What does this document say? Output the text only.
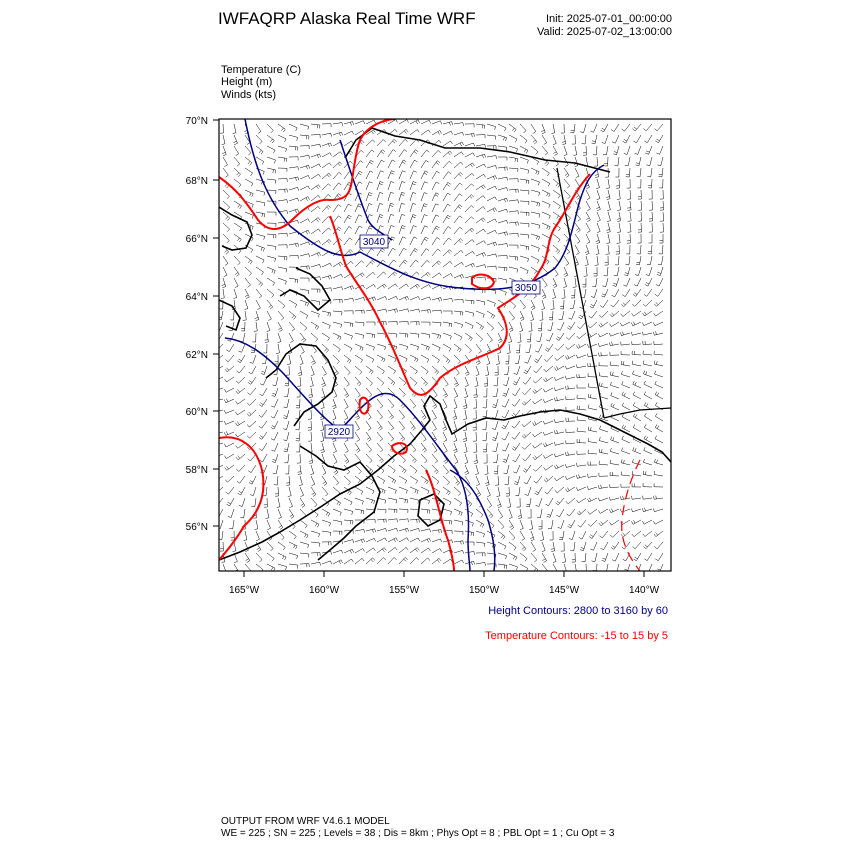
IWFAQRP Alaska Real Time WRF	Init: 2025-07-01_00:00:00
Valid: 2025-07-02_13:00:00
Temperature (C)
Height (m)
Winds (kts)
3040
3050
2920
70°N
68°N
66°N
64°N
62°N
60°N
58°N
56°N
165°W	160°W	155°W	150°W	145°W	140°W
Height Contours: 2800 to 3160 by 60
Temperature Contours: -15 to 15 by 5
OUTPUT FROM WRF V4.6.1 MODEL
WE = 225 ; SN = 225 ; Levels = 38 ; Dis = 8km ; Phys Opt = 8 ; PBL Opt = 1 ; Cu Opt = 3
